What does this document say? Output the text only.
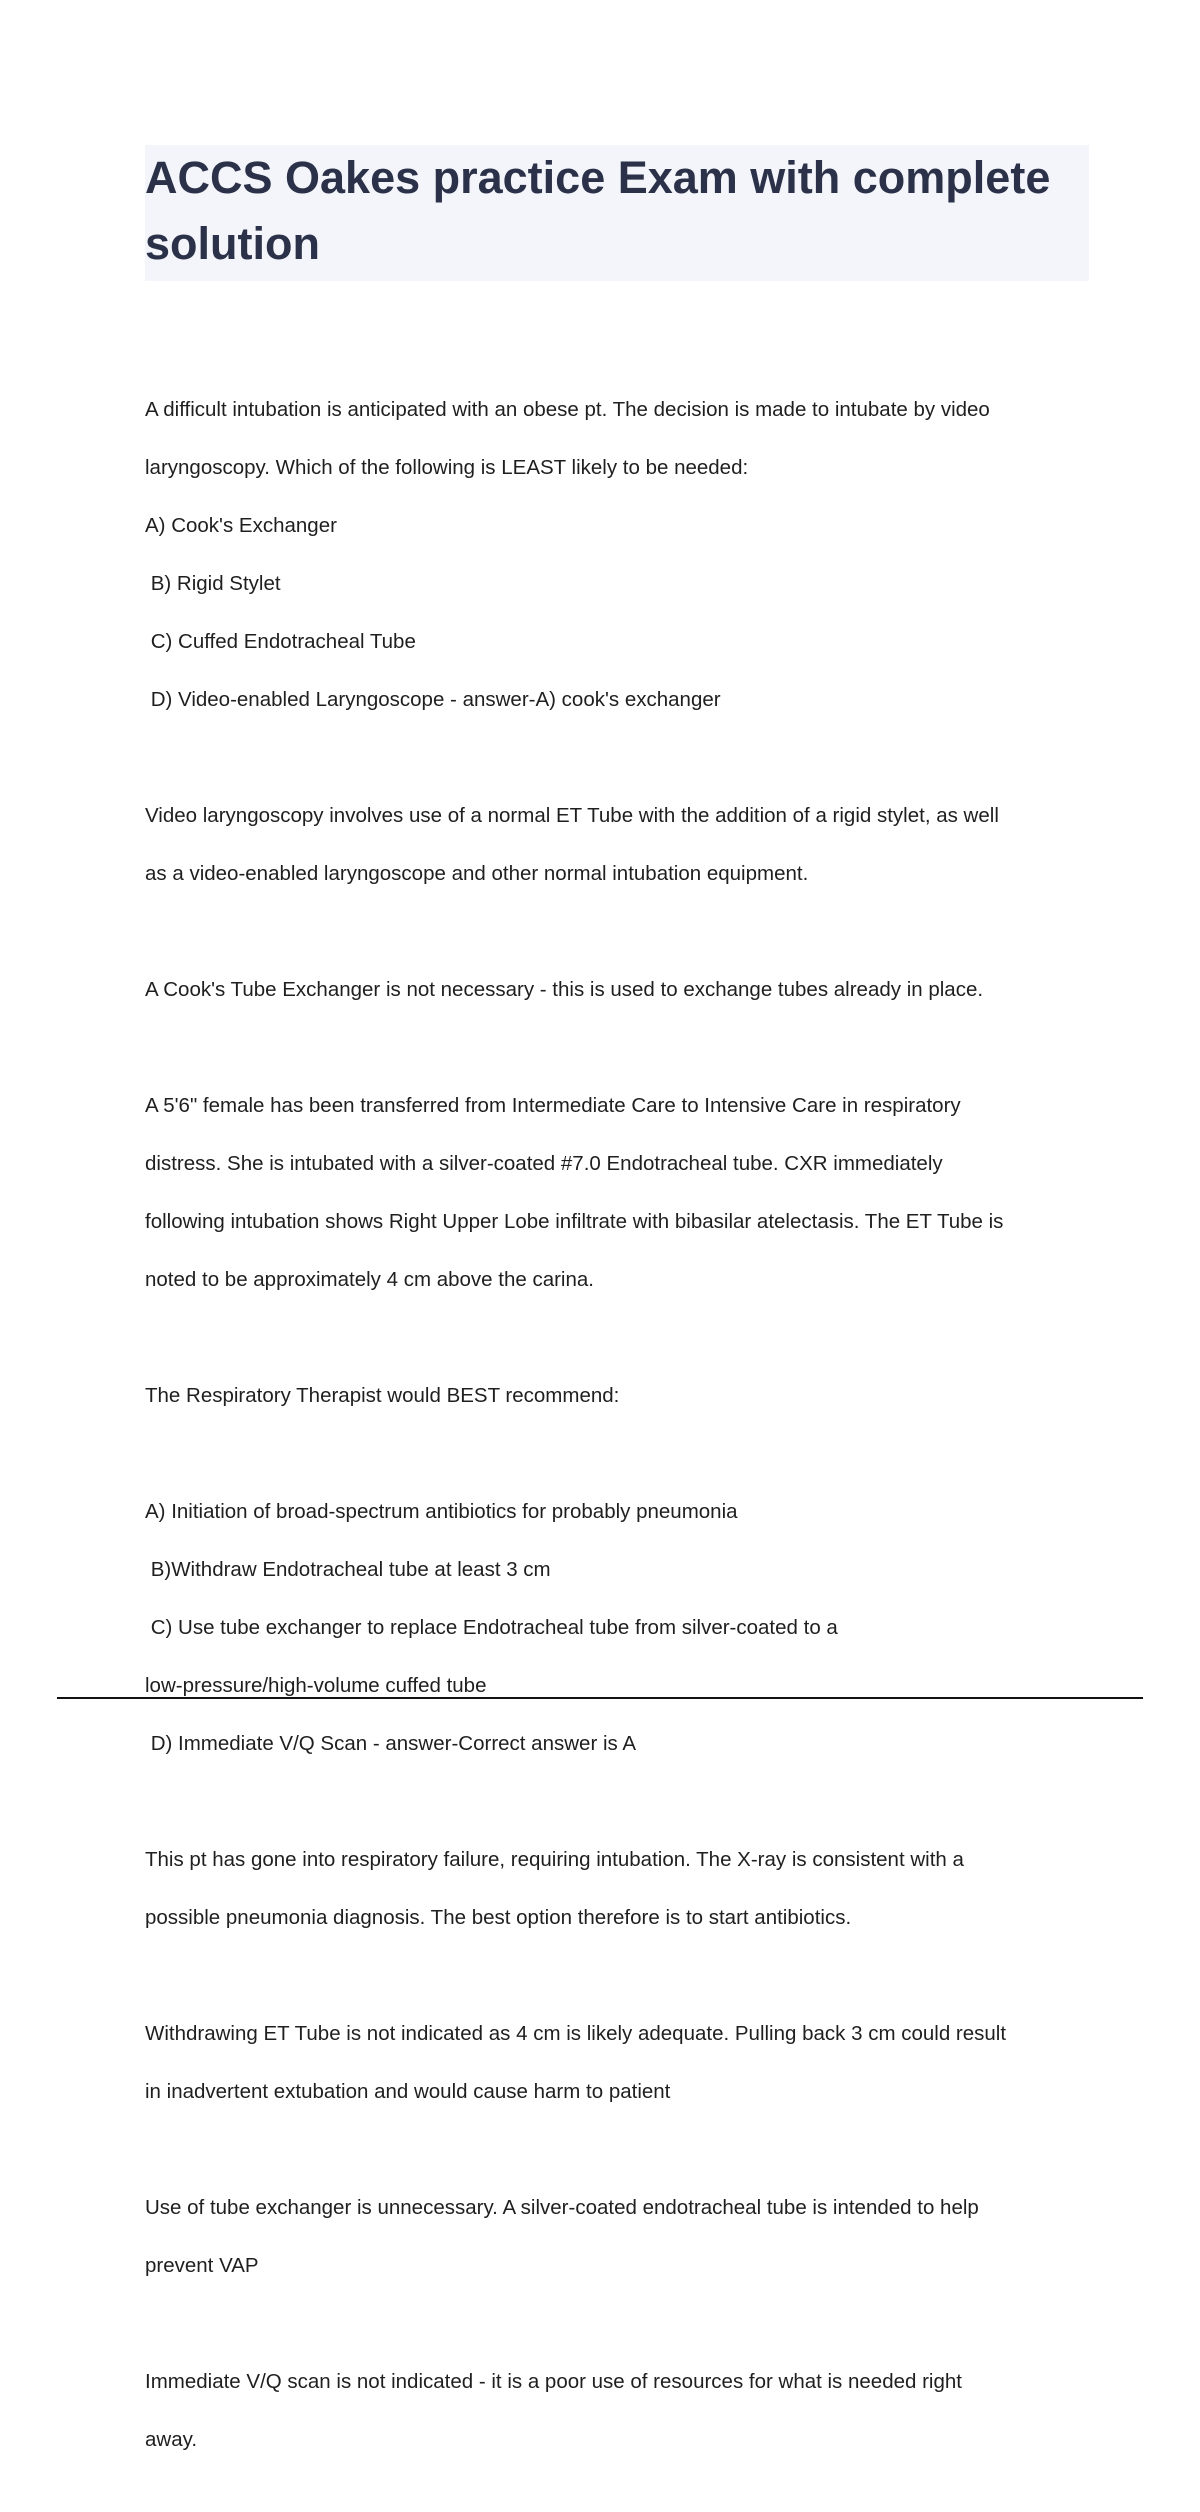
ACCS Oakes practice Exam with complete solution

A difficult intubation is anticipated with an obese pt. The decision is made to intubate by video

laryngoscopy. Which of the following is LEAST likely to be needed:

A) Cook's Exchanger

B) Rigid Stylet

C) Cuffed Endotracheal Tube

D) Video-enabled Laryngoscope - answer-A) cook's exchanger

Video laryngoscopy involves use of a normal ET Tube with the addition of a rigid stylet, as well

as a video-enabled laryngoscope and other normal intubation equipment.

A Cook's Tube Exchanger is not necessary - this is used to exchange tubes already in place.

A 5'6" female has been transferred from Intermediate Care to Intensive Care in respiratory

distress. She is intubated with a silver-coated #7.0 Endotracheal tube. CXR immediately

following intubation shows Right Upper Lobe infiltrate with bibasilar atelectasis. The ET Tube is

noted to be approximately 4 cm above the carina.

The Respiratory Therapist would BEST recommend:

A) Initiation of broad-spectrum antibiotics for probably pneumonia

B)Withdraw Endotracheal tube at least 3 cm

C) Use tube exchanger to replace Endotracheal tube from silver-coated to a

low-pressure/high-volume cuffed tube

D) Immediate V/Q Scan - answer-Correct answer is A

This pt has gone into respiratory failure, requiring intubation. The X-ray is consistent with a

possible pneumonia diagnosis. The best option therefore is to start antibiotics.

Withdrawing ET Tube is not indicated as 4 cm is likely adequate. Pulling back 3 cm could result

in inadvertent extubation and would cause harm to patient

Use of tube exchanger is unnecessary. A silver-coated endotracheal tube is intended to help

prevent VAP

Immediate V/Q scan is not indicated - it is a poor use of resources for what is needed right

away.
